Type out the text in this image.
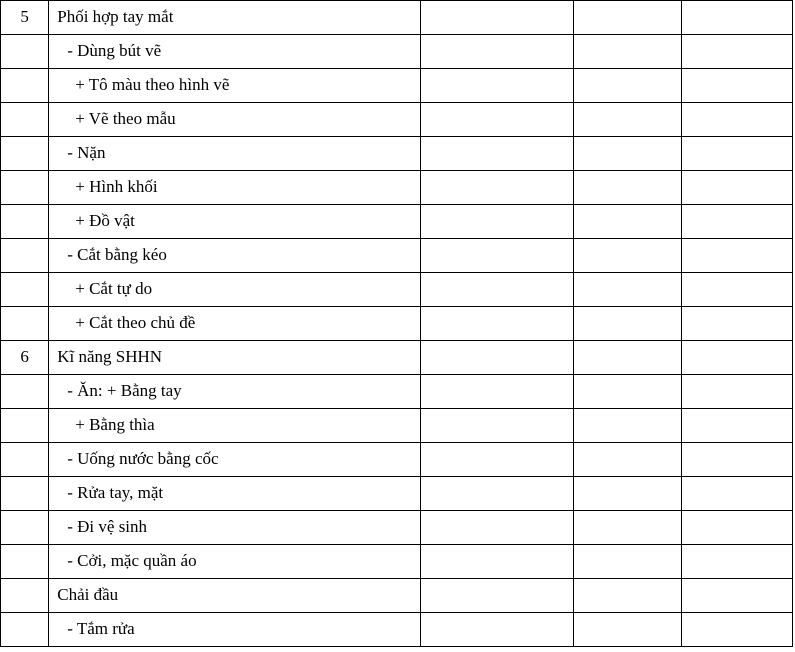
5	Phối hợp tay mắt			

	- Dùng bút vẽ			

	+ Tô màu theo hình vẽ			

	+ Vẽ theo mẫu			

	- Nặn			

	+ Hình khối			

	+ Đồ vật			

	- Cắt bằng kéo			

	+ Cắt tự do			

	+ Cắt theo chủ đề			

6	Kĩ năng SHHN			

	- Ăn: + Bằng tay			

	+ Bằng thìa			

	- Uống nước bằng cốc			

	- Rửa tay, mặt			

	- Đi vệ sinh			

	- Cởi, mặc quần áo			

	Chải đầu			

	- Tắm rửa			
